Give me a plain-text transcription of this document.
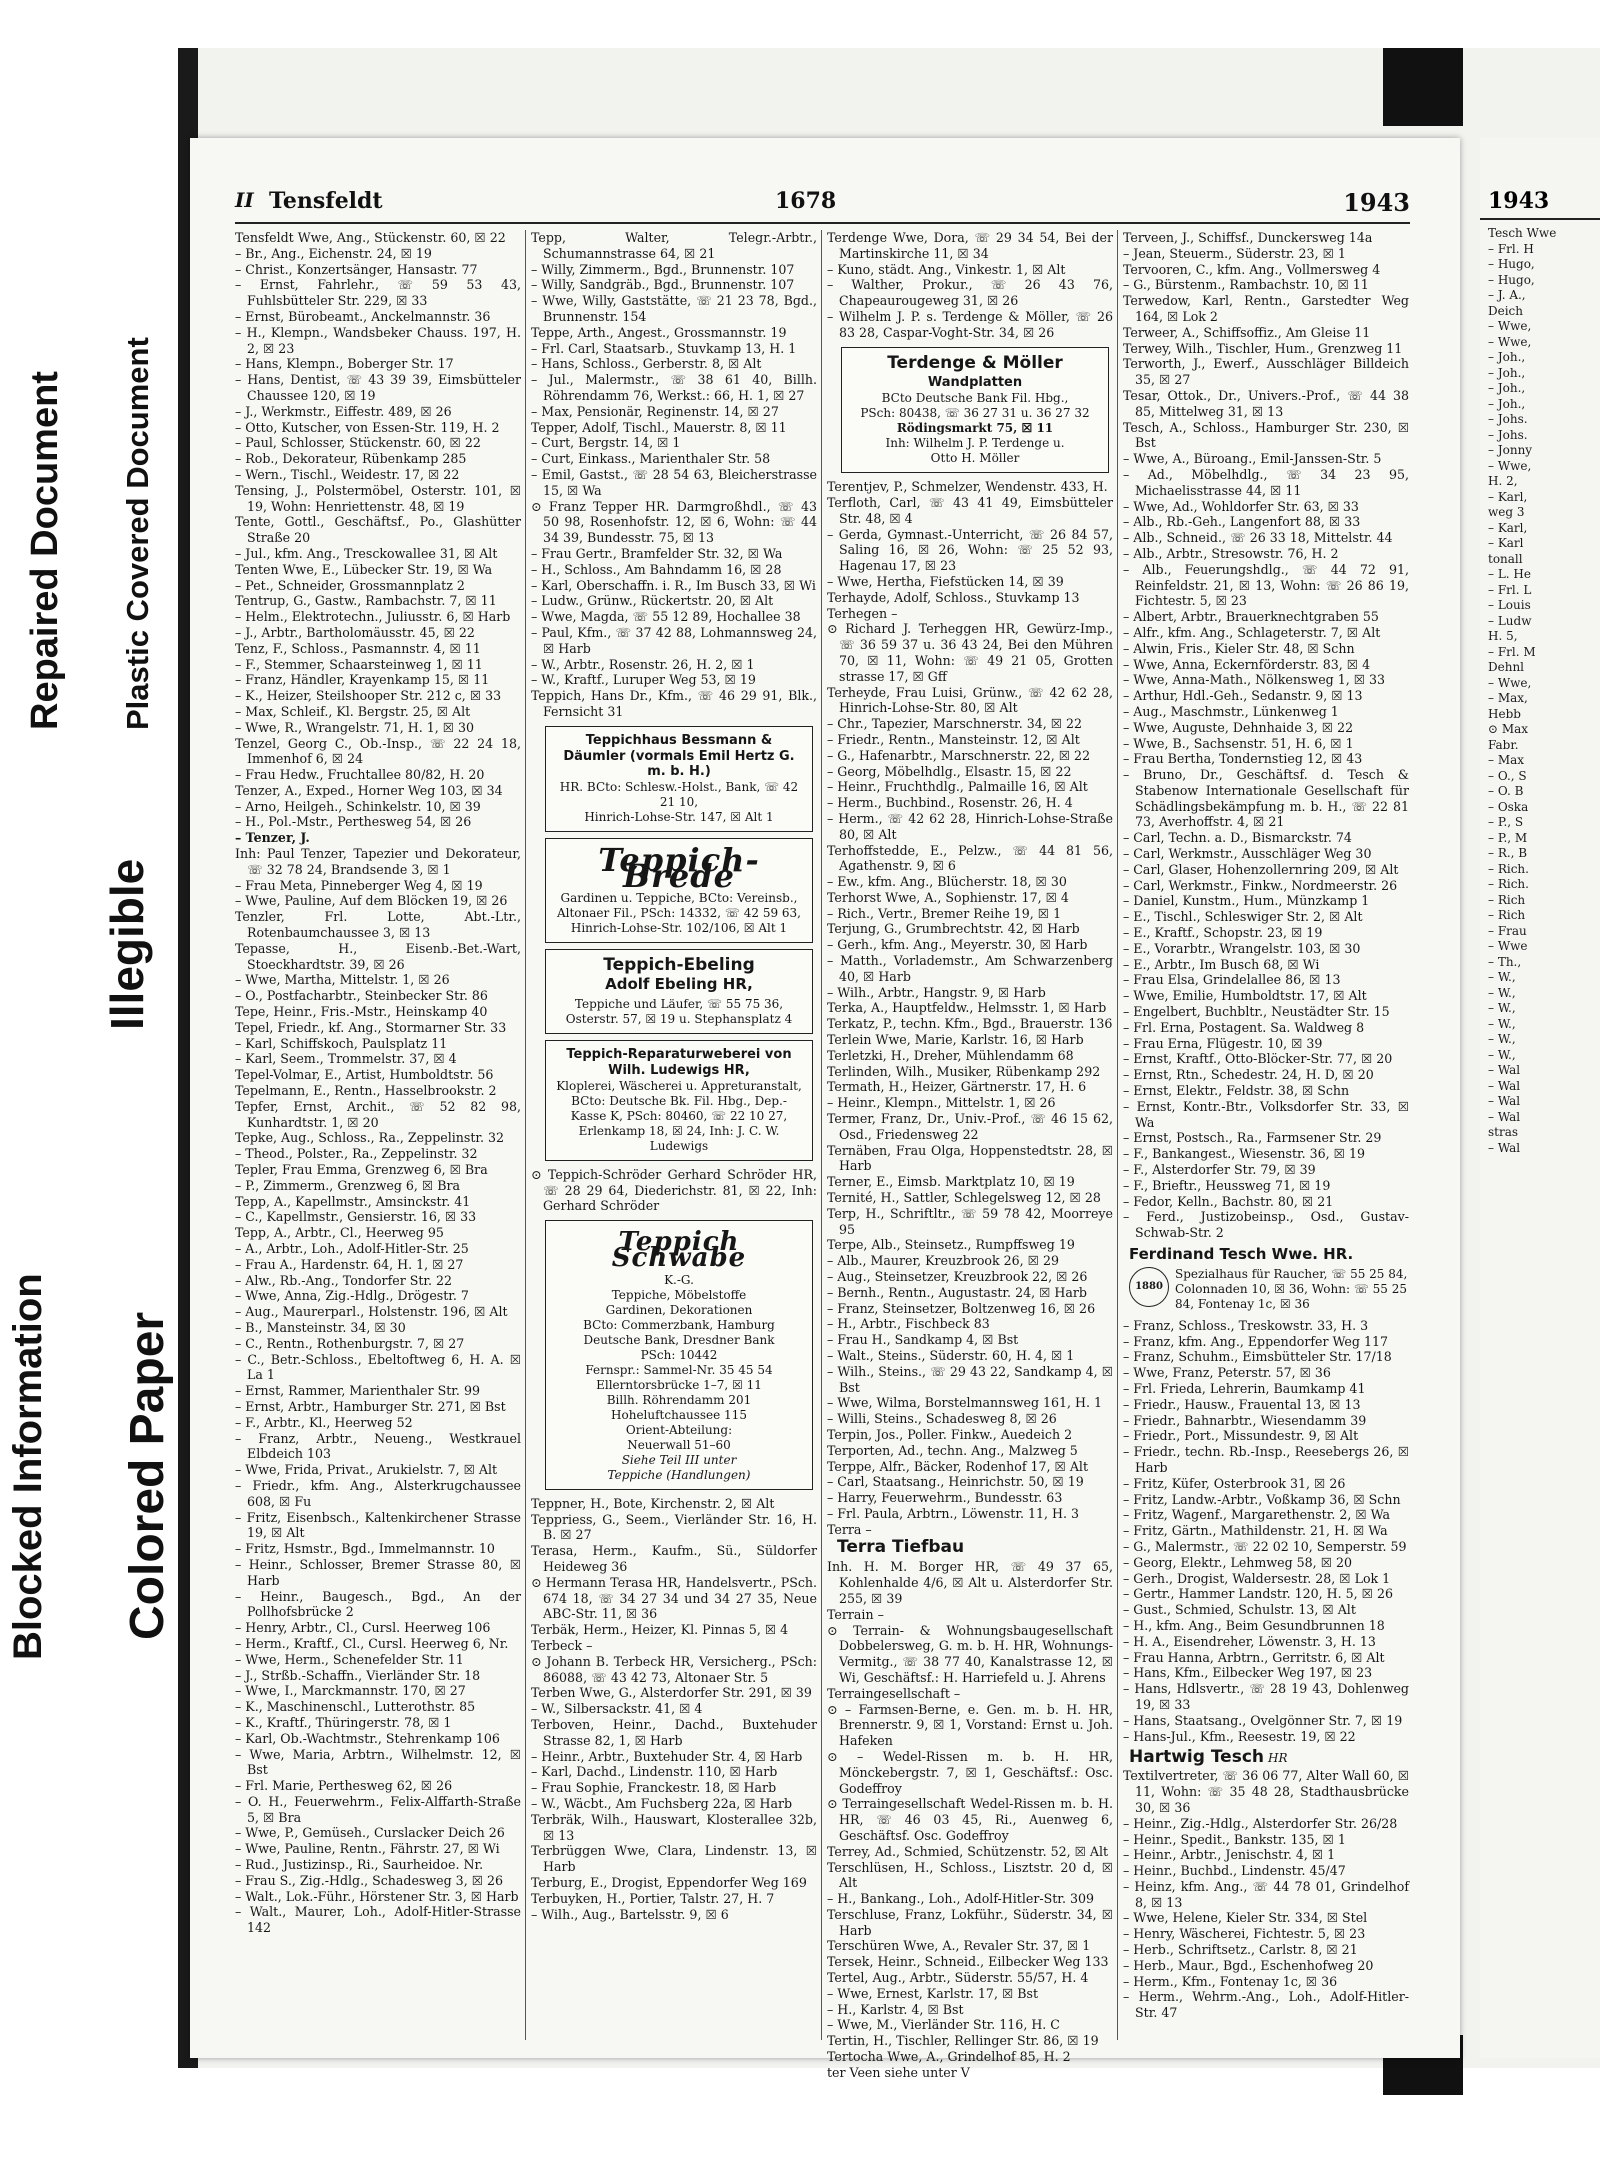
Repaired Document Plastic Covered Document
Illegible
Blocked Information Colored Paper
II Tensfeldt	1678	1943
Tensfeldt Wwe, Ang., Stückenstr. 60, ☒ 22
– Br., Ang., Eichenstr. 24, ☒ 19
– Christ., Konzertsänger, Hansastr. 77
– Ernst, Fahrlehr., ☏ 59 53 43, Fuhlsbütteler Str. 229, ☒ 33
– Ernst, Bürobeamt., Anckelmannstr. 36
– H., Klempn., Wandsbeker Chauss. 197, H. 2, ☒ 23
– Hans, Klempn., Boberger Str. 17
– Hans, Dentist, ☏ 43 39 39, Eimsbütteler Chaussee 120, ☒ 19
– J., Werkmstr., Eiffestr. 489, ☒ 26
– Otto, Kutscher, von Essen-Str. 119, H. 2
– Paul, Schlosser, Stückenstr. 60, ☒ 22
– Rob., Dekorateur, Rübenkamp 285
– Wern., Tischl., Weidestr. 17, ☒ 22
Tensing, J., Polstermöbel, Osterstr. 101, ☒ 19, Wohn: Henriettenstr. 48, ☒ 19
Tente, Gottl., Geschäftsf., Po., Glashütter Straße 20
– Jul., kfm. Ang., Tresckowallee 31, ☒ Alt
Tenten Wwe, E., Lübecker Str. 19, ☒ Wa
– Pet., Schneider, Grossmannplatz 2
Tentrup, G., Gastw., Rambachstr. 7, ☒ 11
– Helm., Elektrotechn., Juliusstr. 6, ☒ Harb
– J., Arbtr., Bartholomäusstr. 45, ☒ 22
Tenz, F., Schloss., Pasmannstr. 4, ☒ 11
– F., Stemmer, Schaarsteinweg 1, ☒ 11
– Franz, Händler, Krayenkamp 15, ☒ 11
– K., Heizer, Steilshooper Str. 212 c, ☒ 33
– Max, Schleif., Kl. Bergstr. 25, ☒ Alt
– Wwe, R., Wrangelstr. 71, H. 1, ☒ 30
Tenzel, Georg C., Ob.-Insp., ☏ 22 24 18, Immenhof 6, ☒ 24
– Frau Hedw., Fruchtallee 80/82, H. 20
Tenzer, A., Exped., Horner Weg 103, ☒ 34
– Arno, Heilgeh., Schinkelstr. 10, ☒ 39
– H., Pol.-Mstr., Perthesweg 54, ☒ 26
– Tenzer, J.
Inh: Paul Tenzer, Tapezier und Dekorateur, ☏ 32 78 24, Brandsende 3, ☒ 1
– Frau Meta, Pinneberger Weg 4, ☒ 19
– Wwe, Pauline, Auf dem Blöcken 19, ☒ 26
Tenzler, Frl. Lotte, Abt.-Ltr., Rotenbaumchaussee 3, ☒ 13
Tepasse, H., Eisenb.-Bet.-Wart, Stoeckhardtstr. 39, ☒ 26
– Wwe, Martha, Mittelstr. 1, ☒ 26
– O., Postfacharbtr., Steinbecker Str. 86
Tepe, Heinr., Fris.-Mstr., Heinskamp 40
Tepel, Friedr., kf. Ang., Stormarner Str. 33
– Karl, Schiffskoch, Paulsplatz 11
– Karl, Seem., Trommelstr. 37, ☒ 4
Tepel-Volmar, E., Artist, Humboldtstr. 56
Tepelmann, E., Rentn., Hasselbrookstr. 2
Tepfer, Ernst, Archit., ☏ 52 82 98, Kunhardtstr. 1, ☒ 20
Tepke, Aug., Schloss., Ra., Zeppelinstr. 32
– Theod., Polster., Ra., Zeppelinstr. 32
Tepler, Frau Emma, Grenzweg 6, ☒ Bra
– P., Zimmerm., Grenzweg 6, ☒ Bra
Tepp, A., Kapellmstr., Amsinckstr. 41
– C., Kapellmstr., Gensierstr. 16, ☒ 33
Tepp, A., Arbtr., Cl., Heerweg 95
– A., Arbtr., Loh., Adolf-Hitler-Str. 25
– Frau A., Hardenstr. 64, H. 1, ☒ 27
– Alw., Rb.-Ang., Tondorfer Str. 22
– Wwe, Anna, Zig.-Hdlg., Drögestr. 7
– Aug., Maurerparl., Holstenstr. 196, ☒ Alt
– B., Mansteinstr. 34, ☒ 30
– C., Rentn., Rothenburgstr. 7, ☒ 27
– C., Betr.-Schloss., Ebeltoftweg 6, H. A. ☒ La 1
– Ernst, Rammer, Marienthaler Str. 99
– Ernst, Arbtr., Hamburger Str. 271, ☒ Bst
– F., Arbtr., Kl., Heerweg 52
– Franz, Arbtr., Neueng., Westkrauel Elbdeich 103
– Wwe, Frida, Privat., Arukielstr. 7, ☒ Alt
– Friedr., kfm. Ang., Alsterkrugchaussee 608, ☒ Fu
– Fritz, Eisenbsch., Kaltenkirchener Strasse 19, ☒ Alt
– Fritz, Hsmstr., Bgd., Immelmannstr. 10
– Heinr., Schlosser, Bremer Strasse 80, ☒ Harb
– Heinr., Baugesch., Bgd., An der Pollhofsbrücke 2
– Henry, Arbtr., Cl., Cursl. Heerweg 106
– Herm., Kraftf., Cl., Cursl. Heerweg 6, Nr.
– Wwe, Herm., Schenefelder Str. 11
– J., Strßb.-Schaffn., Vierländer Str. 18
– Wwe, I., Marckmannstr. 170, ☒ 27
– K., Maschinenschl., Lutterothstr. 85
– K., Kraftf., Thüringerstr. 78, ☒ 1
– Karl, Ob.-Wachtmstr., Stehrenkamp 106
– Wwe, Maria, Arbtrn., Wilhelmstr. 12, ☒ Bst
– Frl. Marie, Perthesweg 62, ☒ 26
– O. H., Feuerwehrm., Felix-Alffarth-Straße 5, ☒ Bra
– Wwe, P., Gemüseh., Curslacker Deich 26
– Wwe, Pauline, Rentn., Fährstr. 27, ☒ Wi
– Rud., Justizinsp., Ri., Saurheidoe. Nr.
– Frau S., Zig.-Hdlg., Schadesweg 3, ☒ 26
– Walt., Lok.-Führ., Hörstener Str. 3, ☒ Harb
– Walt., Maurer, Loh., Adolf-Hitler-Strasse 142
Tepp, Walter, Telegr.-Arbtr., Schumannstrasse 64, ☒ 21
– Willy, Zimmerm., Bgd., Brunnenstr. 107
– Willy, Sandgräb., Bgd., Brunnenstr. 107
– Wwe, Willy, Gaststätte, ☏ 21 23 78, Bgd., Brunnenstr. 154
Teppe, Arth., Angest., Grossmannstr. 19
– Frl. Carl, Staatsarb., Stuvkamp 13, H. 1
– Hans, Schloss., Gerberstr. 8, ☒ Alt
– Jul., Malermstr., ☏ 38 61 40, Billh. Röhrendamm 76, Werkst.: 66, H. 1, ☒ 27
– Max, Pensionär, Reginenstr. 14, ☒ 27
Tepper, Adolf, Tischl., Mauerstr. 8, ☒ 11
– Curt, Bergstr. 14, ☒ 1
– Curt, Einkass., Marienthaler Str. 58
– Emil, Gastst., ☏ 28 54 63, Bleicherstrasse 15, ☒ Wa
⊙ Franz Tepper HR. Darmgroßhdl., ☏ 43 50 98, Rosenhofstr. 12, ☒ 6, Wohn: ☏ 44 34 39, Bundesstr. 75, ☒ 13
– Frau Gertr., Bramfelder Str. 32, ☒ Wa
– H., Schloss., Am Bahndamm 16, ☒ 28
– Karl, Oberschaffn. i. R., Im Busch 33, ☒ Wi
– Ludw., Grünw., Rückertstr. 20, ☒ Alt
– Wwe, Magda, ☏ 55 12 89, Hochallee 38
– Paul, Kfm., ☏ 37 42 88, Lohmannsweg 24, ☒ Harb
– W., Arbtr., Rosenstr. 26, H. 2, ☒ 1
– W., Kraftf., Luruper Weg 53, ☒ 19
Teppich, Hans Dr., Kfm., ☏ 46 29 91, Blk., Fernsicht 31
Teppichhaus Bessmann & Däumler (vormals Emil Hertz G. m. b. H.)
HR. BCto: Schlesw.-Holst., Bank, ☏ 42 21 10,
Hinrich-Lohse-Str. 147, ☒ Alt 1
Teppich-Brede
Gardinen u. Teppiche, BCto: Vereinsb.,
Altonaer Fil., PSch: 14332, ☏ 42 59 63,
Hinrich-Lohse-Str. 102/106, ☒ Alt 1
Teppich-Ebeling
Adolf Ebeling HR,
Teppiche und Läufer, ☏ 55 75 36,
Osterstr. 57, ☒ 19 u. Stephansplatz 4
Teppich-Reparaturweberei von Wilh. Ludewigs HR,
Kloplerei, Wäscherei u. Appreturanstalt, BCto: Deutsche Bk. Fil. Hbg., Dep.-Kasse K, PSch: 80460, ☏ 22 10 27, Erlenkamp 18, ☒ 24, Inh: J. C. W. Ludewigs
⊙ Teppich-Schröder Gerhard Schröder HR, ☏ 28 29 64, Diederichstr. 81, ☒ 22, Inh: Gerhard Schröder
Teppich Schwabe
K.-G.
Teppiche, Möbelstoffe
Gardinen, Dekorationen
BCto: Commerzbank, Hamburg
Deutsche Bank, Dresdner Bank
PSch: 10442
Fernspr.: Sammel-Nr. 35 45 54
Ellerntorsbrücke 1–7, ☒ 11
Billh. Röhrendamm 201
Hoheluftchaussee 115
Orient-Abteilung:
Neuerwall 51–60
Siehe Teil III unter
Teppiche (Handlungen)
Teppner, H., Bote, Kirchenstr. 2, ☒ Alt
Teppriess, G., Seem., Vierländer Str. 16, H. B. ☒ 27
Terasa, Herm., Kaufm., Sü., Süldorfer Heideweg 36
⊙ Hermann Terasa HR, Handelsvertr., PSch. 674 18, ☏ 34 27 34 und 34 27 35, Neue ABC-Str. 11, ☒ 36
Terbäk, Herm., Heizer, Kl. Pinnas 5, ☒ 4
Terbeck –
⊙ Johann B. Terbeck HR, Versicherg., PSch: 86088, ☏ 43 42 73, Altonaer Str. 5
Terben Wwe, G., Alsterdorfer Str. 291, ☒ 39
– W., Silbersackstr. 41, ☒ 4
Terboven, Heinr., Dachd., Buxtehuder Strasse 82, 1, ☒ Harb
– Heinr., Arbtr., Buxtehuder Str. 4, ☒ Harb
– Karl, Dachd., Lindenstr. 110, ☒ Harb
– Frau Sophie, Franckestr. 18, ☒ Harb
– W., Wäcbt., Am Fuchsberg 22a, ☒ Harb
Terbräk, Wilh., Hauswart, Klosterallee 32b, ☒ 13
Terbrüggen Wwe, Clara, Lindenstr. 13, ☒ Harb
Terburg, E., Drogist, Eppendorfer Weg 169
Terbuyken, H., Portier, Talstr. 27, H. 7
– Wilh., Aug., Bartelsstr. 9, ☒ 6
Terdenge Wwe, Dora, ☏ 29 34 54, Bei der Martinskirche 11, ☒ 34
– Kuno, städt. Ang., Vinkestr. 1, ☒ Alt
– Walther, Prokur., ☏ 26 43 76, Chapeaurougeweg 31, ☒ 26
– Wilhelm J. P. s. Terdenge & Möller, ☏ 26 83 28, Caspar-Voght-Str. 34, ☒ 26
Terdenge & Möller
Wandplatten
BCto Deutsche Bank Fil. Hbg.,
PSch: 80438, ☏ 36 27 31 u. 36 27 32
Rödingsmarkt 75, ☒ 11
Inh: Wilhelm J. P. Terdenge u.
Otto H. Möller
Terentjev, P., Schmelzer, Wendenstr. 433, H.
Terfloth, Carl, ☏ 43 41 49, Eimsbütteler Str. 48, ☒ 4
– Gerda, Gymnast.-Unterricht, ☏ 26 84 57, Saling 16, ☒ 26, Wohn: ☏ 25 52 93, Hagenau 17, ☒ 23
– Wwe, Hertha, Fiefstücken 14, ☒ 39
Terhayde, Adolf, Schloss., Stuvkamp 13
Terhegen –
⊙ Richard J. Terheggen HR, Gewürz-Imp., ☏ 36 59 37 u. 36 43 24, Bei den Mühren 70, ☒ 11, Wohn: ☏ 49 21 05, Grotten strasse 17, ☒ Gff
Terheyde, Frau Luisi, Grünw., ☏ 42 62 28, Hinrich-Lohse-Str. 80, ☒ Alt
– Chr., Tapezier, Marschnerstr. 34, ☒ 22
– Friedr., Rentn., Mansteinstr. 12, ☒ Alt
– G., Hafenarbtr., Marschnerstr. 22, ☒ 22
– Georg, Möbelhdlg., Elsastr. 15, ☒ 22
– Heinr., Fruchthdlg., Palmaille 16, ☒ Alt
– Herm., Buchbind., Rosenstr. 26, H. 4
– Herm., ☏ 42 62 28, Hinrich-Lohse-Straße 80, ☒ Alt
Terhoffstedde, E., Pelzw., ☏ 44 81 56, Agathenstr. 9, ☒ 6
– Ew., kfm. Ang., Blücherstr. 18, ☒ 30
Terhorst Wwe, A., Sophienstr. 17, ☒ 4
– Rich., Vertr., Bremer Reihe 19, ☒ 1
Terjung, G., Grumbrechtstr. 42, ☒ Harb
– Gerh., kfm. Ang., Meyerstr. 30, ☒ Harb
– Matth., Vorlademstr., Am Schwarzenberg 40, ☒ Harb
– Wilh., Arbtr., Hangstr. 9, ☒ Harb
Terka, A., Hauptfeldw., Helmsstr. 1, ☒ Harb
Terkatz, P., techn. Kfm., Bgd., Brauerstr. 136
Terlein Wwe, Marie, Karlstr. 16, ☒ Harb
Terletzki, H., Dreher, Mühlendamm 68
Terlinden, Wilh., Musiker, Rübenkamp 292
Termath, H., Heizer, Gärtnerstr. 17, H. 6
– Heinr., Klempn., Mittelstr. 1, ☒ 26
Termer, Franz, Dr., Univ.-Prof., ☏ 46 15 62, Osd., Friedensweg 22
Ternäben, Frau Olga, Hoppenstedtstr. 28, ☒ Harb
Terner, E., Eimsb. Marktplatz 10, ☒ 19
Ternité, H., Sattler, Schlegelsweg 12, ☒ 28
Terp, H., Schriftltr., ☏ 59 78 42, Moorreye 95
Terpe, Alb., Steinsetz., Rumpffsweg 19
– Alb., Maurer, Kreuzbrook 26, ☒ 29
– Aug., Steinsetzer, Kreuzbrook 22, ☒ 26
– Bernh., Rentn., Augustastr. 24, ☒ Harb
– Franz, Steinsetzer, Boltzenweg 16, ☒ 26
– H., Arbtr., Fischbeck 83
– Frau H., Sandkamp 4, ☒ Bst
– Walt., Steins., Süderstr. 60, H. 4, ☒ 1
– Wilh., Steins., ☏ 29 43 22, Sandkamp 4, ☒ Bst
– Wwe, Wilma, Borstelmannsweg 161, H. 1
– Willi, Steins., Schadesweg 8, ☒ 26
Terpin, Jos., Poller. Finkw., Auedeich 2
Terporten, Ad., techn. Ang., Malzweg 5
Terppe, Alfr., Bäcker, Rodenhof 17, ☒ Alt
– Carl, Staatsang., Heinrichstr. 50, ☒ 19
– Harry, Feuerwehrm., Bundesstr. 63
– Frl. Paula, Arbtrn., Löwenstr. 11, H. 3
Terra –
Terra Tiefbau
Inh. H. M. Borger HR, ☏ 49 37 65, Kohlenhalde 4/6, ☒ Alt u. Alsterdorfer Str. 255, ☒ 39
Terrain –
⊙ Terrain- & Wohnungsbaugesellschaft Dobbelersweg, G. m. b. H. HR, Wohnungs-Vermitg., ☏ 38 77 40, Kanalstrasse 12, ☒ Wi, Geschäftsf.: H. Harriefeld u. J. Ahrens
Terraingesellschaft –
⊙ – Farmsen-Berne, e. Gen. m. b. H. HR, Brennerstr. 9, ☒ 1, Vorstand: Ernst u. Joh. Hafeken
⊙ – Wedel-Rissen m. b. H. HR, Mönckebergstr. 7, ☒ 1, Geschäftsf.: Osc. Godeffroy
⊙ Terraingesellschaft Wedel-Rissen m. b. H. HR, ☏ 46 03 45, Ri., Auenweg 6, Geschäftsf. Osc. Godeffroy
Terrey, Ad., Schmied, Schützenstr. 52, ☒ Alt
Terschlüsen, H., Schloss., Lisztstr. 20 d, ☒ Alt
– H., Bankang., Loh., Adolf-Hitler-Str. 309
Terschluse, Franz, Lokführ., Süderstr. 34, ☒ Harb
Terschüren Wwe, A., Revaler Str. 37, ☒ 1
Tersek, Heinr., Schneid., Eilbecker Weg 133
Tertel, Aug., Arbtr., Süderstr. 55/57, H. 4
– Wwe, Ernest, Karlstr. 17, ☒ Bst
– H., Karlstr. 4, ☒ Bst
– Wwe, M., Vierländer Str. 116, H. C
Tertin, H., Tischler, Rellinger Str. 86, ☒ 19
Tertocha Wwe, A., Grindelhof 85, H. 2
ter Veen siehe unter V
Terveen, J., Schiffsf., Dunckersweg 14a
– Jean, Steuerm., Süderstr. 23, ☒ 1
Tervooren, C., kfm. Ang., Vollmersweg 4
– G., Bürstenm., Rambachstr. 10, ☒ 11
Terwedow, Karl, Rentn., Garstedter Weg 164, ☒ Lok 2
Terweer, A., Schiffsoffiz., Am Gleise 11
Terwey, Wilh., Tischler, Hum., Grenzweg 11
Terworth, J., Ewerf., Ausschläger Billdeich 35, ☒ 27
Tesar, Ottok., Dr., Univers.-Prof., ☏ 44 38 85, Mittelweg 31, ☒ 13
Tesch, A., Schloss., Hamburger Str. 230, ☒ Bst
– Wwe, A., Büroang., Emil-Janssen-Str. 5
– Ad., Möbelhdlg., ☏ 34 23 95, Michaelisstrasse 44, ☒ 11
– Wwe, Ad., Wohldorfer Str. 63, ☒ 33
– Alb., Rb.-Geh., Langenfort 88, ☒ 33
– Alb., Schneid., ☏ 26 33 18, Mittelstr. 44
– Alb., Arbtr., Stresowstr. 76, H. 2
– Alb., Feuerungshdlg., ☏ 44 72 91, Reinfeldstr. 21, ☒ 13, Wohn: ☏ 26 86 19, Fichtestr. 5, ☒ 23
– Albert, Arbtr., Brauerknechtgraben 55
– Alfr., kfm. Ang., Schlageterstr. 7, ☒ Alt
– Alwin, Fris., Kieler Str. 48, ☒ Schn
– Wwe, Anna, Eckernförderstr. 83, ☒ 4
– Wwe, Anna-Math., Nölkensweg 1, ☒ 33
– Arthur, Hdl.-Geh., Sedanstr. 9, ☒ 13
– Aug., Maschmstr., Lünkenweg 1
– Wwe, Auguste, Dehnhaide 3, ☒ 22
– Wwe, B., Sachsenstr. 51, H. 6, ☒ 1
– Frau Bertha, Tondernstieg 12, ☒ 43
– Bruno, Dr., Geschäftsf. d. Tesch & Stabenow Internationale Gesellschaft für Schädlingsbekämpfung m. b. H., ☏ 22 81 73, Averhoffstr. 4, ☒ 21
– Carl, Techn. a. D., Bismarckstr. 74
– Carl, Werkmstr., Ausschläger Weg 30
– Carl, Glaser, Hohenzollernring 209, ☒ Alt
– Carl, Werkmstr., Finkw., Nordmeerstr. 26
– Daniel, Kunstm., Hum., Münzkamp 1
– E., Tischl., Schleswiger Str. 2, ☒ Alt
– E., Kraftf., Schopstr. 23, ☒ 19
– E., Vorarbtr., Wrangelstr. 103, ☒ 30
– E., Arbtr., Im Busch 68, ☒ Wi
– Frau Elsa, Grindelallee 86, ☒ 13
– Wwe, Emilie, Humboldtstr. 17, ☒ Alt
– Engelbert, Buchbltr., Neustädter Str. 15
– Frl. Erna, Postagent. Sa. Waldweg 8
– Frau Erna, Flügestr. 10, ☒ 39
– Ernst, Kraftf., Otto-Blöcker-Str. 77, ☒ 20
– Ernst, Rtn., Schedestr. 24, H. D, ☒ 20
– Ernst, Elektr., Feldstr. 38, ☒ Schn
– Ernst, Kontr.-Btr., Volksdorfer Str. 33, ☒ Wa
– Ernst, Postsch., Ra., Farmsener Str. 29
– F., Bankangest., Wiesenstr. 36, ☒ 19
– F., Alsterdorfer Str. 79, ☒ 39
– F., Brieftr., Heussweg 71, ☒ 19
– Fedor, Kelln., Bachstr. 80, ☒ 21
– Ferd., Justizobeinsp., Osd., Gustav-Schwab-Str. 2
Ferdinand Tesch Wwe. HR.
1880
Spezialhaus für Raucher, ☏ 55 25 84, Colonnaden 10, ☒ 36, Wohn: ☏ 55 25 84, Fontenay 1c, ☒ 36
– Franz, Schloss., Treskowstr. 33, H. 3
– Franz, kfm. Ang., Eppendorfer Weg 117
– Franz, Schuhm., Eimsbütteler Str. 17/18
– Wwe, Franz, Peterstr. 57, ☒ 36
– Frl. Frieda, Lehrerin, Baumkamp 41
– Friedr., Hausw., Frauental 13, ☒ 13
– Friedr., Bahnarbtr., Wiesendamm 39
– Friedr., Port., Missundestr. 9, ☒ Alt
– Friedr., techn. Rb.-Insp., Reesebergs 26, ☒ Harb
– Fritz, Küfer, Osterbrook 31, ☒ 26
– Fritz, Landw.-Arbtr., Voßkamp 36, ☒ Schn
– Fritz, Wagenf., Margarethenstr. 2, ☒ Wa
– Fritz, Gärtn., Mathildenstr. 21, H. ☒ Wa
– G., Malermstr., ☏ 22 02 10, Semperstr. 59
– Georg, Elektr., Lehmweg 58, ☒ 20
– Gerh., Drogist, Waldersestr. 28, ☒ Lok 1
– Gertr., Hammer Landstr. 120, H. 5, ☒ 26
– Gust., Schmied, Schulstr. 13, ☒ Alt
– H., kfm. Ang., Beim Gesundbrunnen 18
– H. A., Eisendreher, Löwenstr. 3, H. 13
– Frau Hanna, Arbtrn., Gerritstr. 6, ☒ Alt
– Hans, Kfm., Eilbecker Weg 197, ☒ 23
– Hans, Hdlsvertr., ☏ 28 19 43, Dohlenweg 19, ☒ 33
– Hans, Staatsang., Ovelgönner Str. 7, ☒ 19
– Hans-Jul., Kfm., Reesestr. 19, ☒ 22
Hartwig Tesch HR
Textilvertreter, ☏ 36 06 77, Alter Wall 60, ☒ 11, Wohn: ☏ 35 48 28, Stadthausbrücke 30, ☒ 36
– Heinr., Zig.-Hdlg., Alsterdorfer Str. 26/28
– Heinr., Spedit., Bankstr. 135, ☒ 1
– Heinr., Arbtr., Jenischstr. 4, ☒ 1
– Heinr., Buchbd., Lindenstr. 45/47
– Heinz, kfm. Ang., ☏ 44 78 01, Grindelhof 8, ☒ 13
– Wwe, Helene, Kieler Str. 334, ☒ Stel
– Henry, Wäscherei, Fichtestr. 5, ☒ 23
– Herb., Schriftsetz., Carlstr. 8, ☒ 21
– Herb., Maur., Bgd., Eschenhofweg 20
– Herm., Kfm., Fontenay 1c, ☒ 36
– Herm., Wehrm.-Ang., Loh., Adolf-Hitler-Str. 47
1943
Tesch Wwe
– Frl. H
– Hugo,
– Hugo,
– J. A.,
Deich
– Wwe,
– Wwe,
– Joh.,
– Joh.,
– Joh.,
– Joh.,
– Johs.
– Johs.
– Jonny
– Wwe,
H. 2,
– Karl,
weg 3
– Karl,
– Karl
tonall
– L. He
– Frl. L
– Louis
– Ludw
H. 5,
– Frl. M
Dehnl
– Wwe,
– Max,
Hebb
⊙ Max
Fabr.
– Max
– O., S
– O. B
– Oska
– P., S
– P., M
– R., B
– Rich.
– Rich.
– Rich
– Rich
– Frau
– Wwe
– Th.,
– W.,
– W.,
– W.,
– W.,
– W.,
– W.,
– Wal
– Wal
– Wal
– Wal
stras
– Wal
